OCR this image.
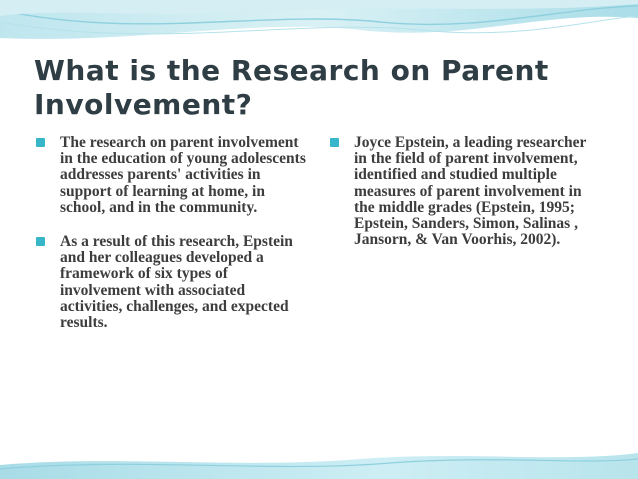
What is the Research on Parent Involvement?
The research on parent involvement in the education of young adolescents addresses parents' activities in support of learning at home, in school, and in the community.
As a result of this research, Epstein and her colleagues developed a framework of six types of involvement with associated activities, challenges, and expected results.
Joyce Epstein, a leading researcher in the field of parent involvement, identified and studied multiple measures of parent involvement in the middle grades (Epstein, 1995; Epstein, Sanders, Simon, Salinas , Jansorn, & Van Voorhis, 2002).
